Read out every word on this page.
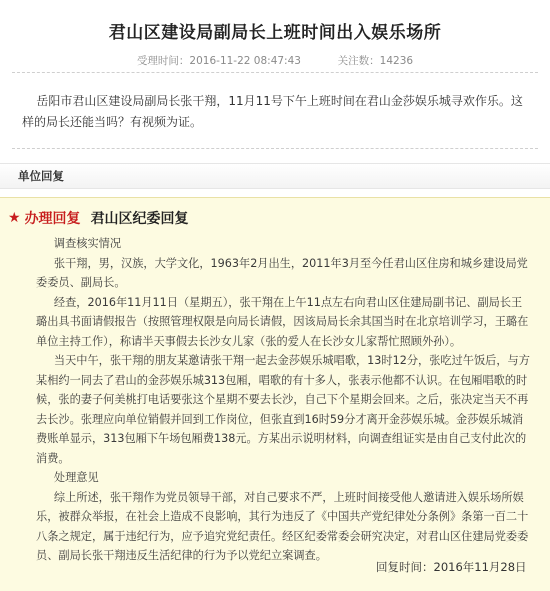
君山区建设局副局长上班时间出入娱乐场所
受理时间：2016-11-22 08:47:43	关注数：14236
岳阳市君山区建设局副局长张干翔，11月11号下午上班时间在君山金莎娱乐城寻欢作乐。这样的局长还能当吗？有视频为证。
单位回复
★ 办理回复 君山区纪委回复

调查核实情况

张干翔，男，汉族，大学文化，1963年2月出生，2011年3月至今任君山区住房和城乡建设局党委委员、副局长。

经查，2016年11月11日（星期五），张干翔在上午11点左右向君山区住建局副书记、副局长王璐出具书面请假报告（按照管理权限是向局长请假，因该局局长余其国当时在北京培训学习，王璐在单位主持工作），称请半天事假去长沙女儿家（张的爱人在长沙女儿家帮忙照顾外孙）。

当天中午，张干翔的朋友某邀请张干翔一起去金莎娱乐城唱歌，13时12分，张吃过午饭后，与方某相约一同去了君山的金莎娱乐城313包厢，唱歌的有十多人，张表示他都不认识。在包厢唱歌的时候，张的妻子何美桃打电话要张这个星期不要去长沙，自己下个星期会回来。之后，张决定当天不再去长沙。张理应向单位销假并回到工作岗位，但张直到16时59分才离开金莎娱乐城。金莎娱乐城消费账单显示，313包厢下午场包厢费138元。方某出示说明材料，向调查组证实是由自己支付此次的消费。

处理意见

综上所述，张干翔作为党员领导干部，对自己要求不严，上班时间接受他人邀请进入娱乐场所娱乐，被群众举报，在社会上造成不良影响，其行为违反了《中国共产党纪律处分条例》条第一百二十八条之规定，属于违纪行为，应予追究党纪责任。经区纪委常委会研究决定，对君山区住建局党委委员、副局长张干翔违反生活纪律的行为予以党纪立案调查。

回复时间：2016年11月28日
